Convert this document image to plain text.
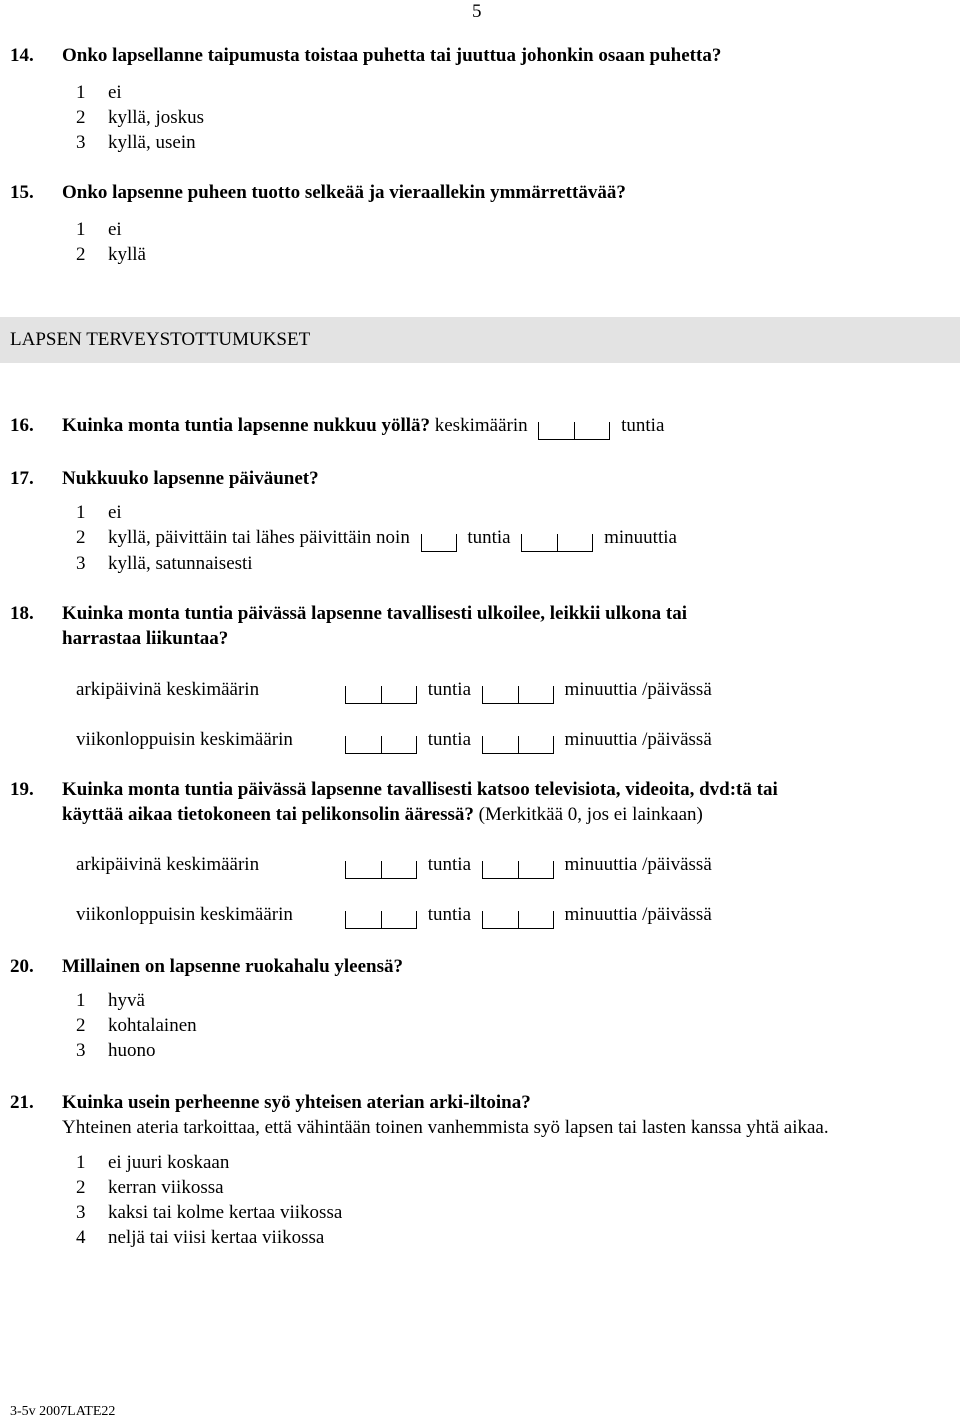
5
14. Onko lapsellanne taipumusta toistaa puhetta tai juuttua johonkin osaan puhetta?
1 ei
2 kyllä, joskus
3 kyllä, usein
15. Onko lapsenne puheen tuotto selkeää ja vieraallekin ymmärrettävää?
1 ei
2 kyllä
LAPSEN TERVEYSTOTTUMUKSET
16. Kuinka monta tuntia lapsenne nukkuu yöllä? keskimäärin	tuntia
17. Nukkuuko lapsenne päiväunet?
1 ei
2 kyllä, päivittäin tai lähes päivittäin noin	tuntia	minuuttia
3 kyllä, satunnaisesti
18. Kuinka monta tuntia päivässä lapsenne tavallisesti ulkoilee, leikkii ulkona tai
harrastaa liikuntaa?
arkipäivinä keskimäärin	tuntia	minuuttia /päivässä
viikonloppuisin keskimäärin	tuntia	minuuttia /päivässä
19. Kuinka monta tuntia päivässä lapsenne tavallisesti katsoo televisiota, videoita, dvd:tä tai
käyttää aikaa tietokoneen tai pelikonsolin ääressä? (Merkitkää 0, jos ei lainkaan)
arkipäivinä keskimäärin	tuntia	minuuttia /päivässä
viikonloppuisin keskimäärin	tuntia	minuuttia /päivässä
20. Millainen on lapsenne ruokahalu yleensä?
1 hyvä
2 kohtalainen
3 huono
21. Kuinka usein perheenne syö yhteisen aterian arki-iltoina?
Yhteinen ateria tarkoittaa, että vähintään toinen vanhemmista syö lapsen tai lasten kanssa yhtä aikaa.
1 ei juuri koskaan
2 kerran viikossa
3 kaksi tai kolme kertaa viikossa
4 neljä tai viisi kertaa viikossa
3-5v 2007LATE22
